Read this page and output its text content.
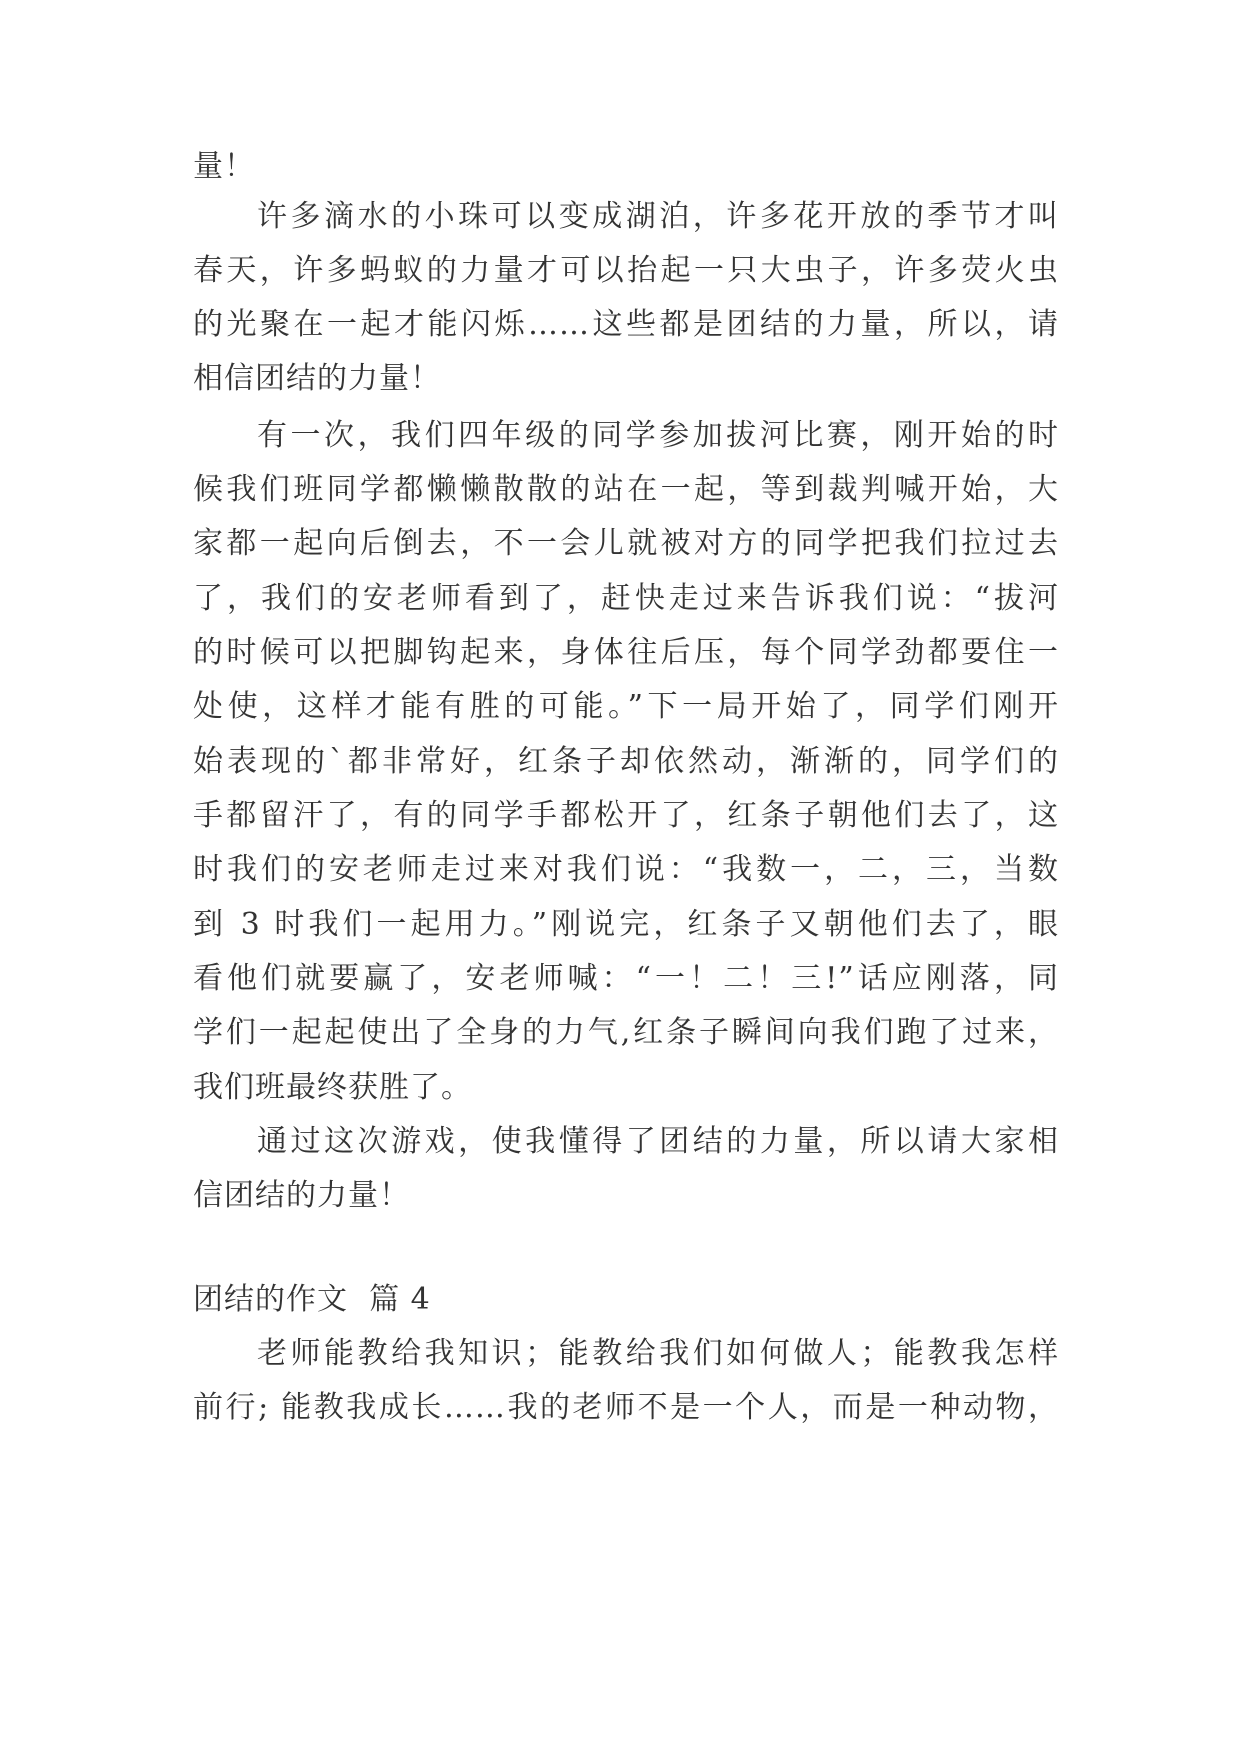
量！
许多滴水的小珠可以变成湖泊，许多花开放的季节才叫
春天，许多蚂蚁的力量才可以抬起一只大虫子，许多荧火虫
的光聚在一起才能闪烁……这些都是团结的力量，所以，请
相信团结的力量！
有一次，我们四年级的同学参加拔河比赛，刚开始的时
候我们班同学都懒懒散散的站在一起，等到裁判喊开始，大
家都一起向后倒去，不一会儿就被对方的同学把我们拉过去
了，我们的安老师看到了，赶快走过来告诉我们说：“拔河
的时候可以把脚钩起来，身体往后压，每个同学劲都要住一
处使，这样才能有胜的可能。”下一局开始了，同学们刚开
始表现的`都非常好，红条子却依然动，渐渐的，同学们的
手都留汗了，有的同学手都松开了，红条子朝他们去了，这
时我们的安老师走过来对我们说：“我数一，二，三，当数
到 3 时我们一起用力。”刚说完，红条子又朝他们去了，眼
看他们就要赢了，安老师喊：“一！二！三!”话应刚落，同
学们一起起使出了全身的力气,红条子瞬间向我们跑了过来，
我们班最终获胜了。
通过这次游戏，使我懂得了团结的力量，所以请大家相
信团结的力量！
团结的作文  篇 4
老师能教给我知识；能教给我们如何做人；能教我怎样
前行; 能教我成长……我的老师不是一个人，而是一种动物，
